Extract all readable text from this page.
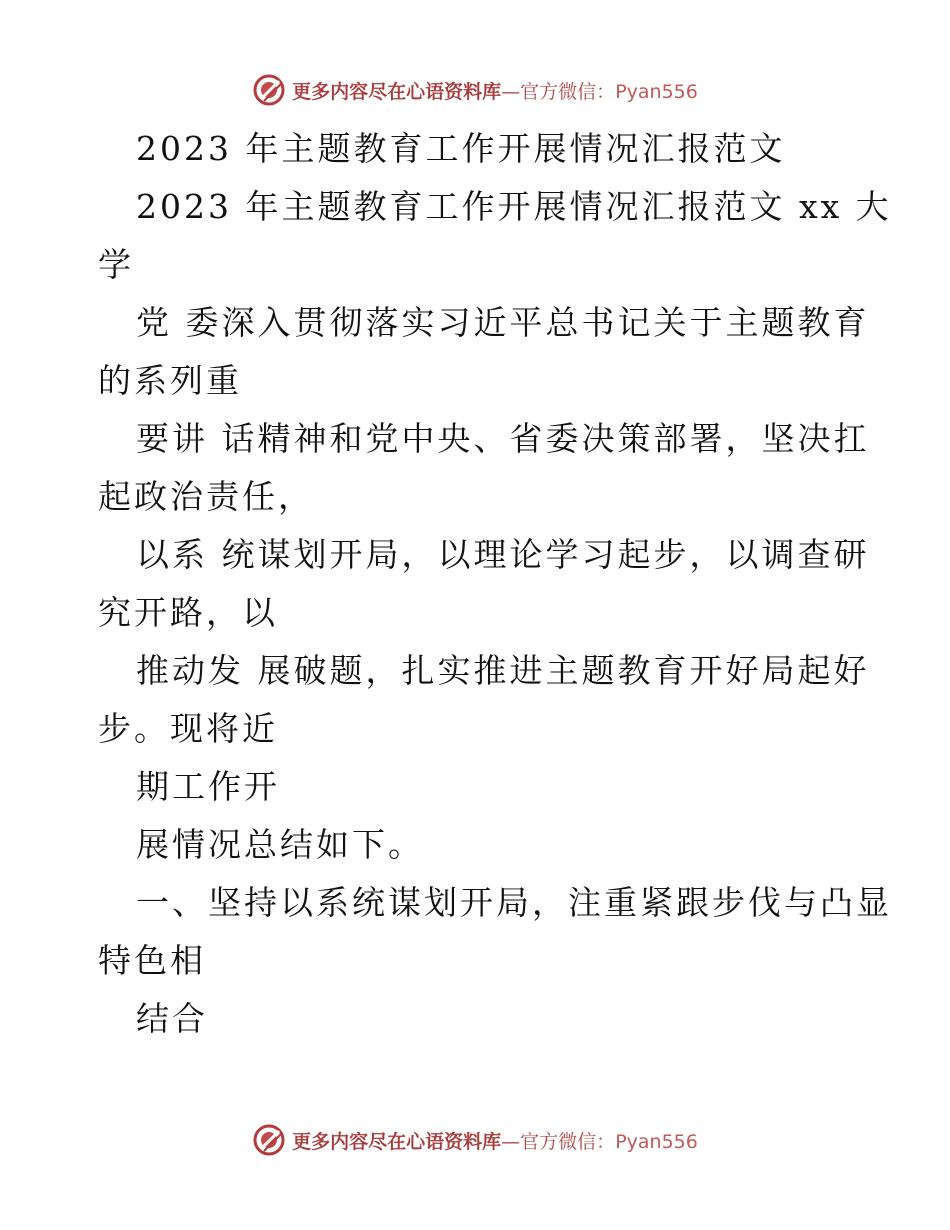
更多内容尽在心语资料库—官方微信：Pyan556
2023 年主题教育工作开展情况汇报范文
2023 年主题教育工作开展情况汇报范文 xx 大
学
党 委深入贯彻落实习近平总书记关于主题教育
的系列重
要讲 话精神和党中央、省委决策部署，坚决扛
起政治责任，
以系 统谋划开局，以理论学习起步，以调查研
究开路，以
推动发 展破题，扎实推进主题教育开好局起好
步。现将近
期工作开
展情况总结如下。
一、坚持以系统谋划开局，注重紧跟步伐与凸显
特色相
结合
更多内容尽在心语资料库—官方微信：Pyan556
